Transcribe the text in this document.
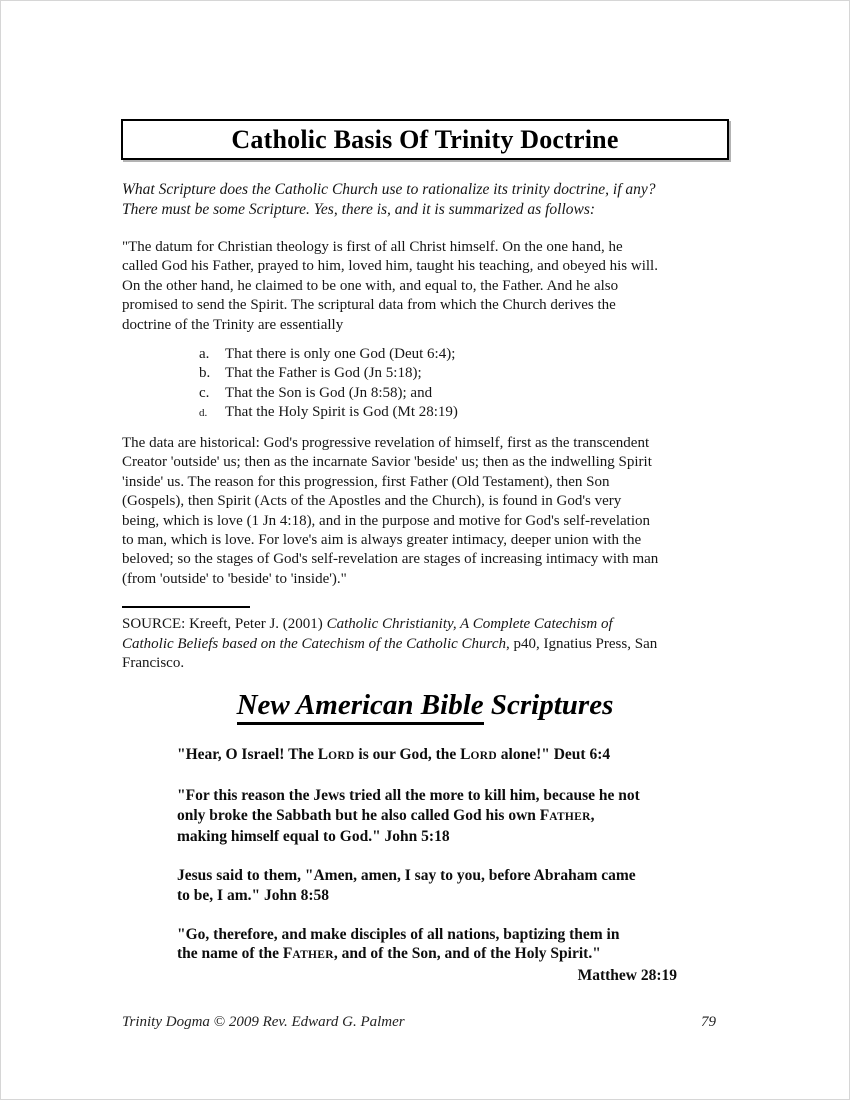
Catholic Basis Of Trinity Doctrine
What Scripture does the Catholic Church use to rationalize its trinity doctrine, if any?
There must be some Scripture. Yes, there is, and it is summarized as follows:
"The datum for Christian theology is first of all Christ himself. On the one hand, he
called God his Father, prayed to him, loved him, taught his teaching, and obeyed his will.
On the other hand, he claimed to be one with, and equal to, the Father. And he also
promised to send the Spirit. The scriptural data from which the Church derives the
doctrine of the Trinity are essentially
a. That there is only one God (Deut 6:4);
b. That the Father is God (Jn 5:18);
c. That the Son is God (Jn 8:58); and
d. That the Holy Spirit is God (Mt 28:19)
The data are historical: God's progressive revelation of himself, first as the transcendent
Creator 'outside' us; then as the incarnate Savior 'beside' us; then as the indwelling Spirit
'inside' us. The reason for this progression, first Father (Old Testament), then Son
(Gospels), then Spirit (Acts of the Apostles and the Church), is found in God's very
being, which is love (1 Jn 4:18), and in the purpose and motive for God's self-revelation
to man, which is love. For love's aim is always greater intimacy, deeper union with the
beloved; so the stages of God's self-revelation are stages of increasing intimacy with man
(from 'outside' to 'beside' to 'inside')."
SOURCE: Kreeft, Peter J. (2001) Catholic Christianity, A Complete Catechism of
Catholic Beliefs based on the Catechism of the Catholic Church, p40, Ignatius Press, San
Francisco.
New American Bible Scriptures
"Hear, O Israel! The LORD is our God, the LORD alone!" Deut 6:4
"For this reason the Jews tried all the more to kill him, because he not
only broke the Sabbath but he also called God his own FATHER,
making himself equal to God." John 5:18
Jesus said to them, "Amen, amen, I say to you, before Abraham came
to be, I am." John 8:58
"Go, therefore, and make disciples of all nations, baptizing them in
the name of the FATHER, and of the Son, and of the Holy Spirit."
Matthew 28:19
Trinity Dogma © 2009 Rev. Edward G. Palmer	79
